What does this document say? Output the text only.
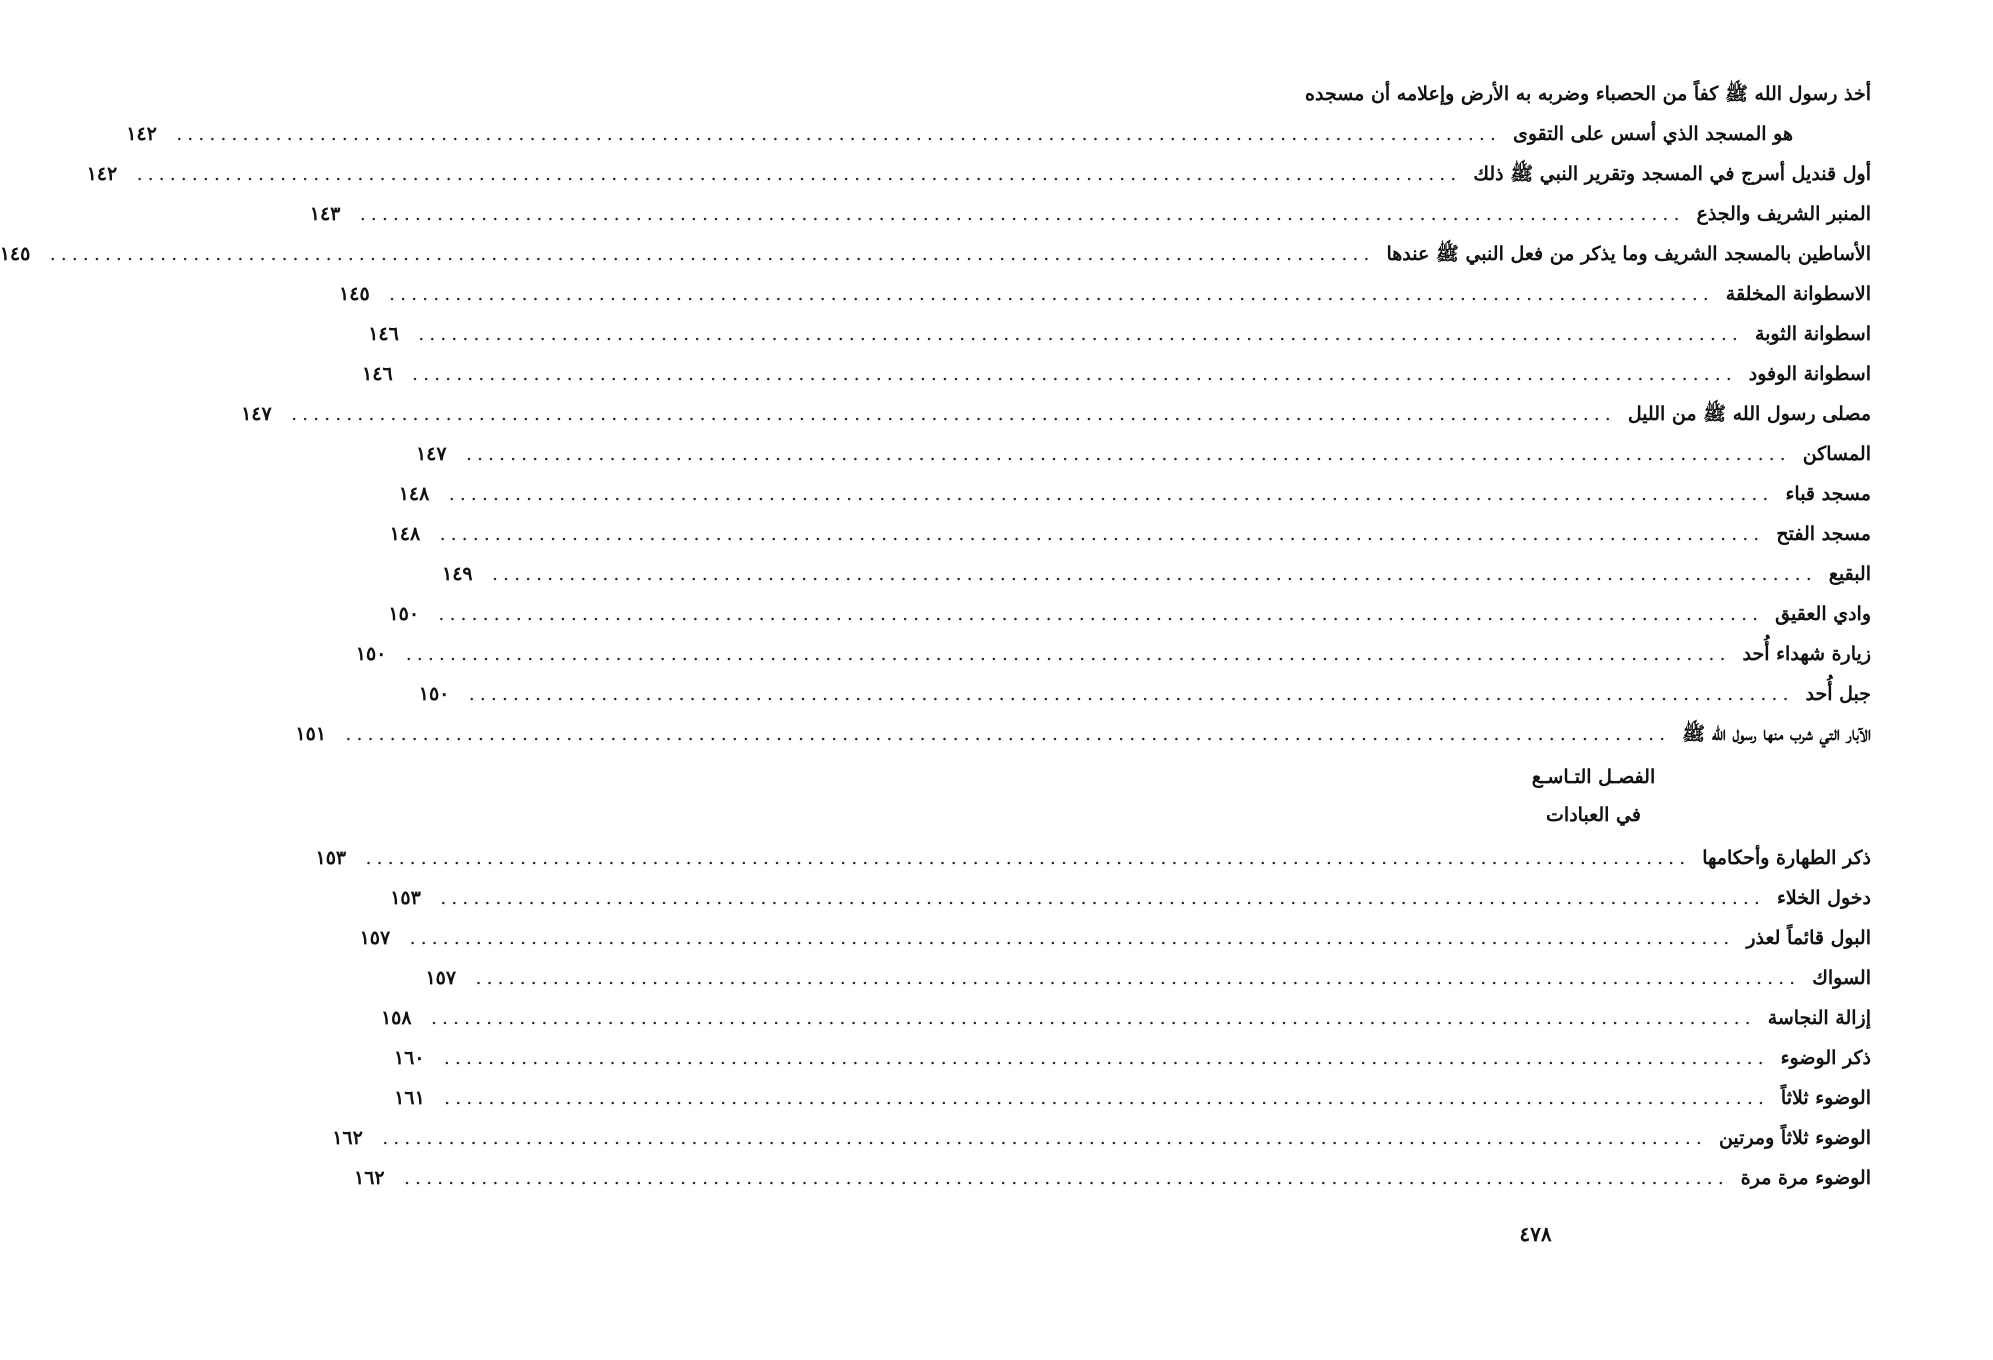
أخذ رسول الله ﷺ كفاً من الحصباء وضربه به الأرض وإعلامه أن مسجده
هو المسجد الذي أسس على التقوى
........................................................................................................................
١٤٢
أول قنديل أسرج في المسجد وتقرير النبي ﷺ ذلك
........................................................................................................................
١٤٢
المنبر الشريف والجذع
........................................................................................................................
١٤٣
الأساطين بالمسجد الشريف وما يذكر من فعل النبي ﷺ عندها
........................................................................................................................
١٤٥
الاسطوانة المخلقة
........................................................................................................................
١٤٥
اسطوانة الثوبة
........................................................................................................................
١٤٦
اسطوانة الوفود
........................................................................................................................
١٤٦
مصلى رسول الله ﷺ من الليل
........................................................................................................................
١٤٧
المساكن
........................................................................................................................
١٤٧
مسجد قباء
........................................................................................................................
١٤٨
مسجد الفتح
........................................................................................................................
١٤٨
البقيع
........................................................................................................................
١٤٩
وادي العقيق
........................................................................................................................
١٥٠
زيارة شهداء أُحد
........................................................................................................................
١٥٠
جبل أُحد
........................................................................................................................
١٥٠
الآبار التي شرب منها رسول الله ﷺ
........................................................................................................................
١٥١
الفصـل التـاسـع
في العبادات
ذكر الطهارة وأحكامها
........................................................................................................................
١٥٣
دخول الخلاء
........................................................................................................................
١٥٣
البول قائماً لعذر
........................................................................................................................
١٥٧
السواك
........................................................................................................................
١٥٧
إزالة النجاسة
........................................................................................................................
١٥٨
ذكر الوضوء
........................................................................................................................
١٦٠
الوضوء ثلاثاً
........................................................................................................................
١٦١
الوضوء ثلاثاً ومرتين
........................................................................................................................
١٦٢
الوضوء مرة مرة
........................................................................................................................
١٦٢
٤٧٨
